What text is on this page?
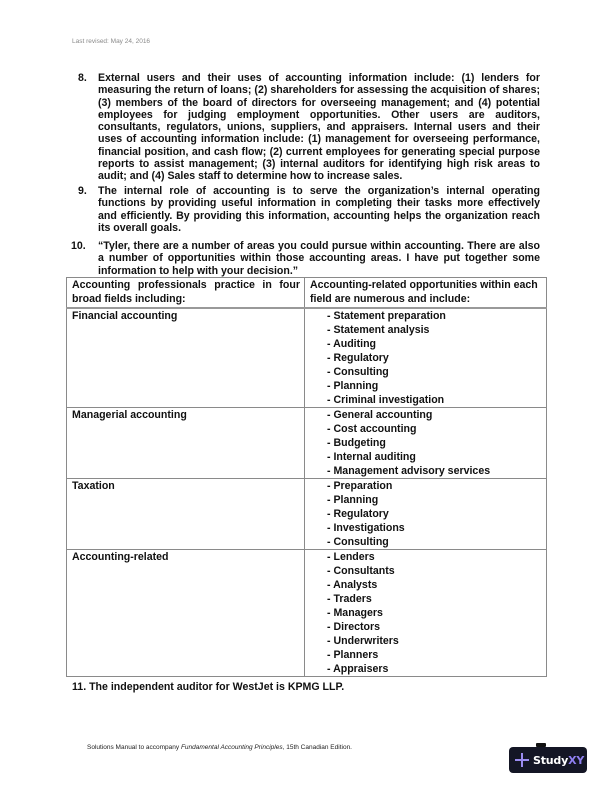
Last revised: May 24, 2016
8. External users and their uses of accounting information include: (1) lenders for measuring the return of loans; (2) shareholders for assessing the acquisition of shares; (3) members of the board of directors for overseeing management; and (4) potential employees for judging employment opportunities. Other users are auditors, consultants, regulators, unions, suppliers, and appraisers. Internal users and their uses of accounting information include: (1) management for overseeing performance, financial position, and cash flow; (2) current employees for generating special purpose reports to assist management; (3) internal auditors for identifying high risk areas to audit; and (4) Sales staff to determine how to increase sales.
9. The internal role of accounting is to serve the organization’s internal operating functions by providing useful information in completing their tasks more effectively and efficiently. By providing this information, accounting helps the organization reach its overall goals.
10. “Tyler, there are a number of areas you could pursue within accounting. There are also a number of opportunities within those accounting areas. I have put together some information to help with your decision.”
Accounting professionals practice in four broad fields including:	Accounting-related opportunities within each field are numerous and include:
Financial accounting	- Statement preparation
- Statement analysis
- Auditing
- Regulatory
- Consulting
- Planning
- Criminal investigation

Managerial accounting	- General accounting
- Cost accounting
- Budgeting
- Internal auditing
- Management advisory services

Taxation	- Preparation
- Planning
- Regulatory
- Investigations
- Consulting

Accounting-related	- Lenders
- Consultants
- Analysts
- Traders
- Managers
- Directors
- Underwriters
- Planners
- Appraisers
11. The independent auditor for WestJet is KPMG LLP.
Solutions Manual to accompany Fundamental Accounting Principles, 15th Canadian Edition.
StudyXY
